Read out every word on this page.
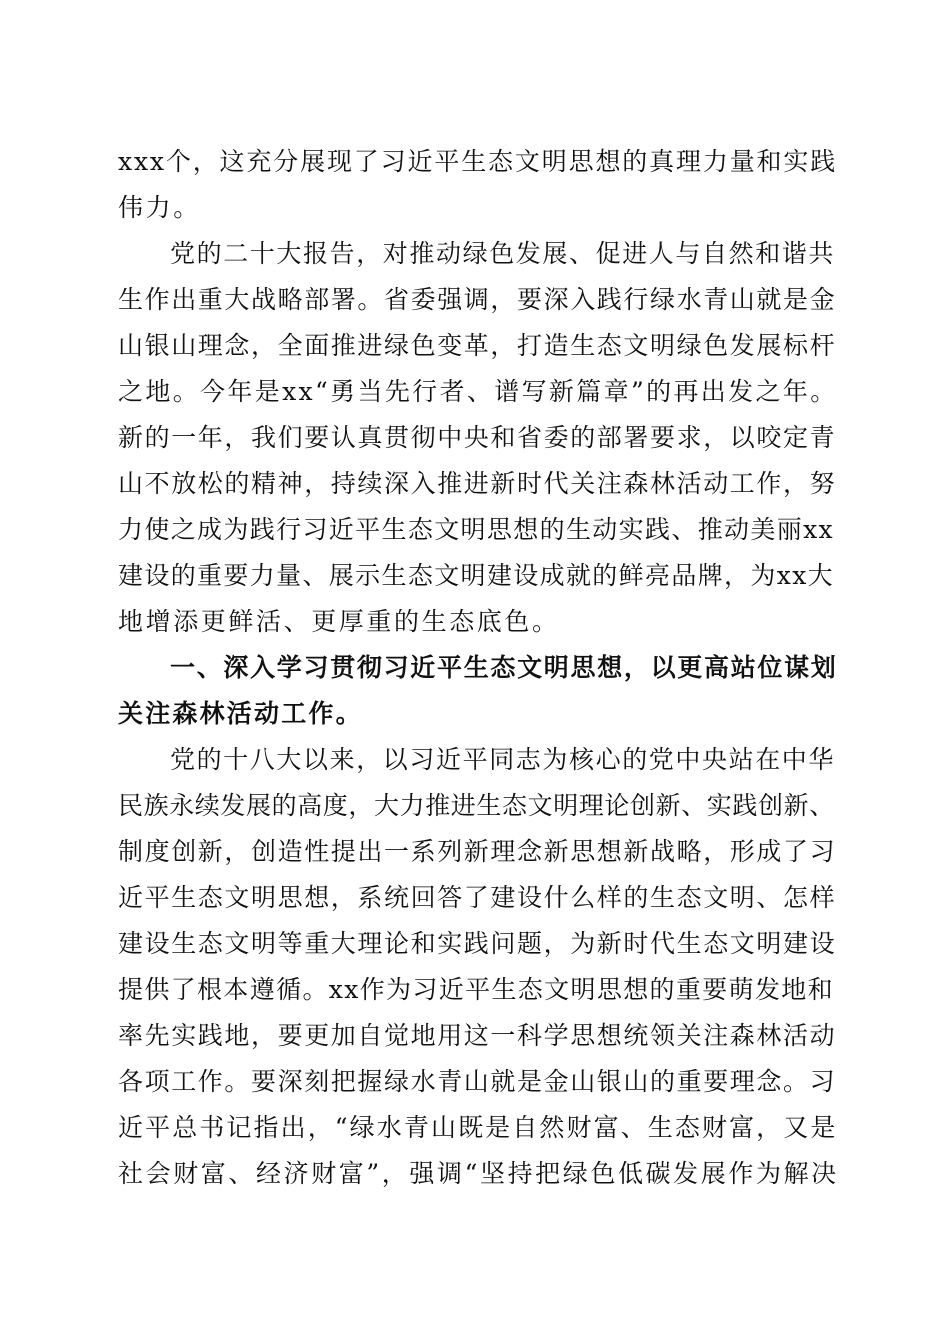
xxx个，这充分展现了习近平生态文明思想的真理力量和实践
伟力。
党的二十大报告，对推动绿色发展、促进人与自然和谐共
生作出重大战略部署。省委强调，要深入践行绿水青山就是金
山银山理念，全面推进绿色变革，打造生态文明绿色发展标杆
之地。今年是xx“勇当先行者、谱写新篇章”的再出发之年。
新的一年，我们要认真贯彻中央和省委的部署要求，以咬定青
山不放松的精神，持续深入推进新时代关注森林活动工作，努
力使之成为践行习近平生态文明思想的生动实践、推动美丽xx
建设的重要力量、展示生态文明建设成就的鲜亮品牌，为xx大
地增添更鲜活、更厚重的生态底色。
一、深入学习贯彻习近平生态文明思想，以更高站位谋划
关注森林活动工作。
党的十八大以来，以习近平同志为核心的党中央站在中华
民族永续发展的高度，大力推进生态文明理论创新、实践创新、
制度创新，创造性提出一系列新理念新思想新战略，形成了习
近平生态文明思想，系统回答了建设什么样的生态文明、怎样
建设生态文明等重大理论和实践问题，为新时代生态文明建设
提供了根本遵循。xx作为习近平生态文明思想的重要萌发地和
率先实践地，要更加自觉地用这一科学思想统领关注森林活动
各项工作。要深刻把握绿水青山就是金山银山的重要理念。习
近平总书记指出，“绿水青山既是自然财富、生态财富，又是
社会财富、经济财富”，强调“坚持把绿色低碳发展作为解决
